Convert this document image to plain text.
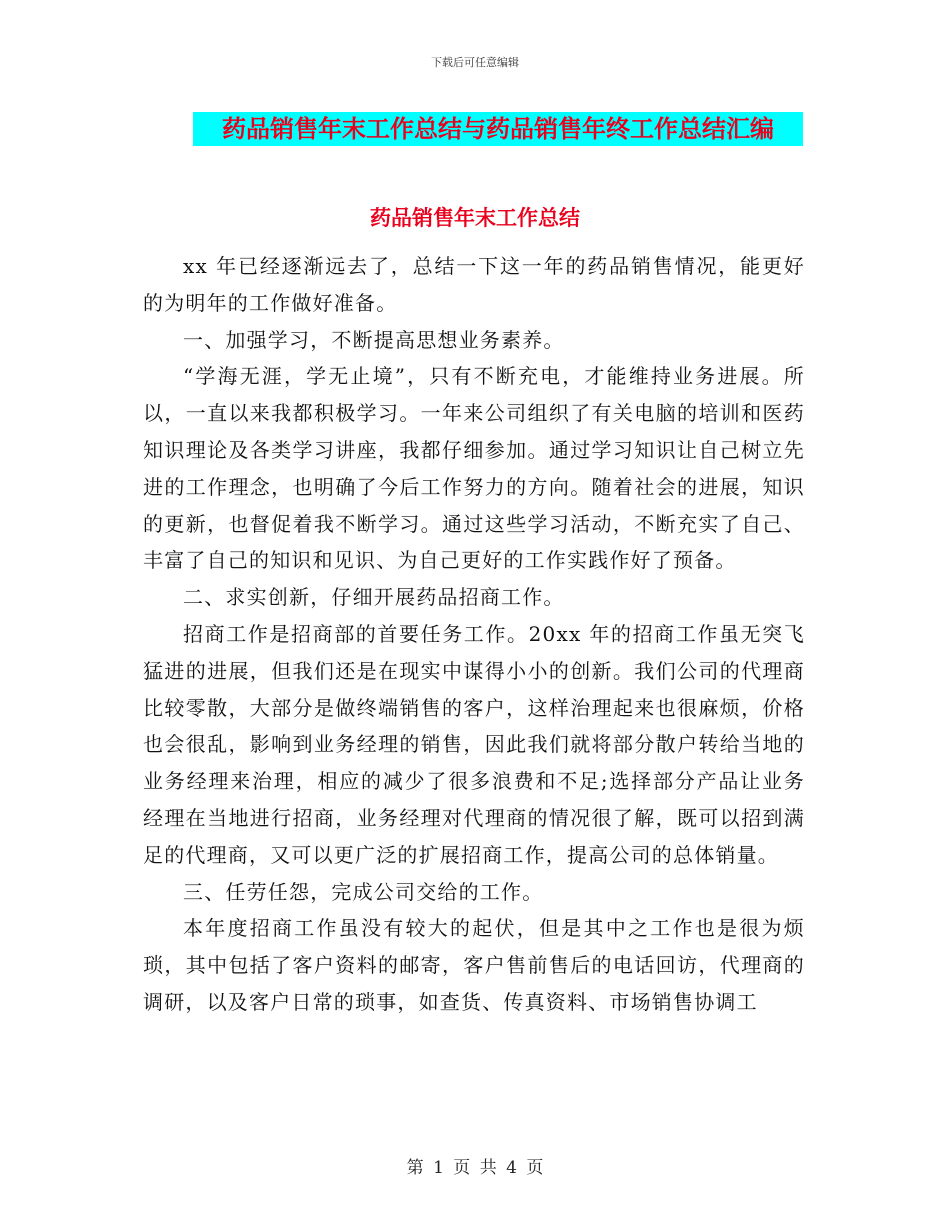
下载后可任意编辑
药品销售年末工作总结与药品销售年终工作总结汇编
药品销售年末工作总结

xx 年已经逐渐远去了，总结一下这一年的药品销售情况，能更好的为明年的工作做好准备。

一、加强学习，不断提高思想业务素养。

“学海无涯，学无止境”，只有不断充电，才能维持业务进展。所以，一直以来我都积极学习。一年来公司组织了有关电脑的培训和医药知识理论及各类学习讲座，我都仔细参加。通过学习知识让自己树立先进的工作理念，也明确了今后工作努力的方向。随着社会的进展，知识的更新，也督促着我不断学习。通过这些学习活动，不断充实了自己、丰富了自己的知识和见识、为自己更好的工作实践作好了预备。

二、求实创新，仔细开展药品招商工作。

招商工作是招商部的首要任务工作。20xx 年的招商工作虽无突飞猛进的进展，但我们还是在现实中谋得小小的创新。我们公司的代理商比较零散，大部分是做终端销售的客户，这样治理起来也很麻烦，价格也会很乱，影响到业务经理的销售，因此我们就将部分散户转给当地的业务经理来治理，相应的减少了很多浪费和不足;选择部分产品让业务经理在当地进行招商，业务经理对代理商的情况很了解，既可以招到满足的代理商，又可以更广泛的扩展招商工作，提高公司的总体销量。

三、任劳任怨，完成公司交给的工作。

本年度招商工作虽没有较大的起伏，但是其中之工作也是很为烦琐，其中包括了客户资料的邮寄，客户售前售后的电话回访，代理商的调研，以及客户日常的琐事，如查货、传真资料、市场销售协调工

第 1 页 共 4 页
